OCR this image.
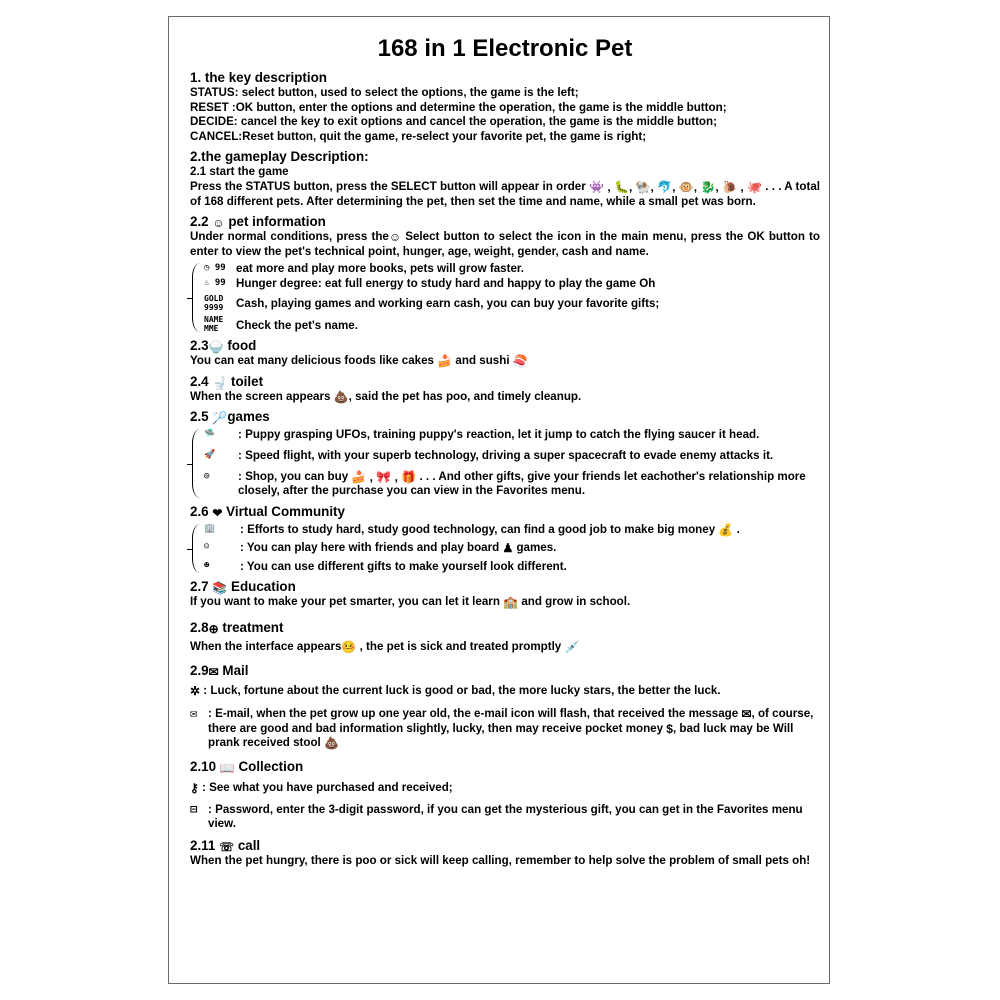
168 in 1 Electronic Pet

1. the key description

STATUS: select button, used to select the options, the game is the left;

RESET :OK button, enter the options and determine the operation, the game is the middle button;

DECIDE: cancel the key to exit options and cancel the operation, the game is the middle button;

CANCEL:Reset button, quit the game, re-select your favorite pet, the game is right;

2.the gameplay Description:

2.1 start the game

Press the STATUS button, press the SELECT button will appear in order 👾 , 🐛, 🐏, 🐬, 🐵, 🐉, 🐌 , 🐙 . . . A total of 168 different pets. After determining the pet, then set the time and name, while a small pet was born.

2.2 ☺ pet information

Under normal conditions, press the☺ Select button to select the icon in the main menu, press the OK button to enter to view the pet's technical point, hunger, age, weight, gender, cash and name.

◷ 99 eat more and play more books, pets will grow faster.
♨ 99 Hunger degree: eat full energy to study hard and happy to play the game Oh
GOLD 9999	Cash, playing games and working earn cash, you can buy your favorite gifts;
NAME MME	Check the pet's name.

2.3🍚 food

You can eat many delicious foods like cakes 🍰 and sushi 🍣

2.4 🚽 toilet

When the screen appears 💩, said the pet has poo, and timely cleanup.

2.5 🏸games

🛸	: Puppy grasping UFOs, training puppy's reaction, let it jump to catch the flying saucer it head.
🚀	: Speed flight, with your superb technology, driving a super spacecraft to evade enemy attacks it.
◎	: Shop, you can buy 🍰 , 🎀 , 🎁 . . . And other gifts, give your friends let eachother's relationship more closely, after the purchase you can view in the Favorites menu.

2.6 ❤ Virtual Community

🏢	: Efforts to study hard, study good technology, can find a good job to make big money 💰 .
☺	: You can play here with friends and play board ♟ games.
☻	: You can use different gifts to make yourself look different.

2.7 📚 Education

If you want to make your pet smarter, you can let it learn 🏫 and grow in school.

2.8⊕ treatment

When the interface appears🤒 , the pet is sick and treated promptly 💉

2.9✉ Mail

✲ : Luck, fortune about the current luck is good or bad, the more lucky stars, the better the luck.

✉ : E-mail, when the pet grow up one year old, the e-mail icon will flash, that received the message ✉, of course, there are good and bad information slightly, lucky, then may receive pocket money $, bad luck may be Will prank received stool 💩

2.10 📖 Collection

⚷ : See what you have purchased and received;

⊟ : Password, enter the 3-digit password, if you can get the mysterious gift, you can get in the Favorites menu view.

2.11 ☏ call

When the pet hungry, there is poo or sick will keep calling, remember to help solve the problem of small pets oh!
